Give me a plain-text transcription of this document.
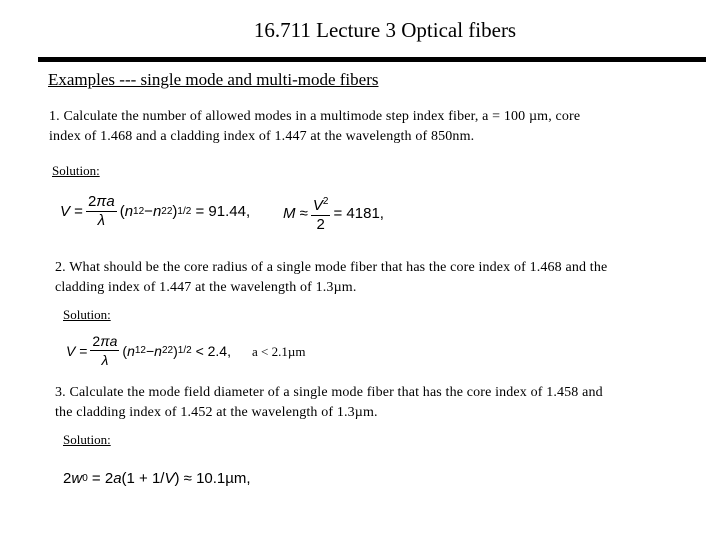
16.711 Lecture 3 Optical fibers
Examples --- single mode and multi-mode fibers
1. Calculate the number of allowed modes in a multimode step index fiber, a = 100 µm, core
index of 1.468 and a cladding index of 1.447 at the wavelength of 850nm.
Solution:
$V = \frac{2\pi a}{\lambda}$ ( n 1 2 − n 2 2 ) 1/2
= 91.44, $M \approx \frac{V^2}{2} = 4181$,
2. What should be the core radius of a single mode fiber that has the core index of 1.468 and the
cladding index of 1.447 at the wavelength of 1.3µm.
Solution:
$V = \frac{2\pi a}{\lambda}$ ( n 1 2 − n 2 2 ) 1/2
< 2.4, a < 2.1µm
3. Calculate the mode field diameter of a single mode fiber that has the core index of 1.458 and
the cladding index of 1.452 at the wavelength of 1.3µm.
Solution:
2 w 0 = 2 a (1 + 1/ V ) ≈ 10.1µm,
